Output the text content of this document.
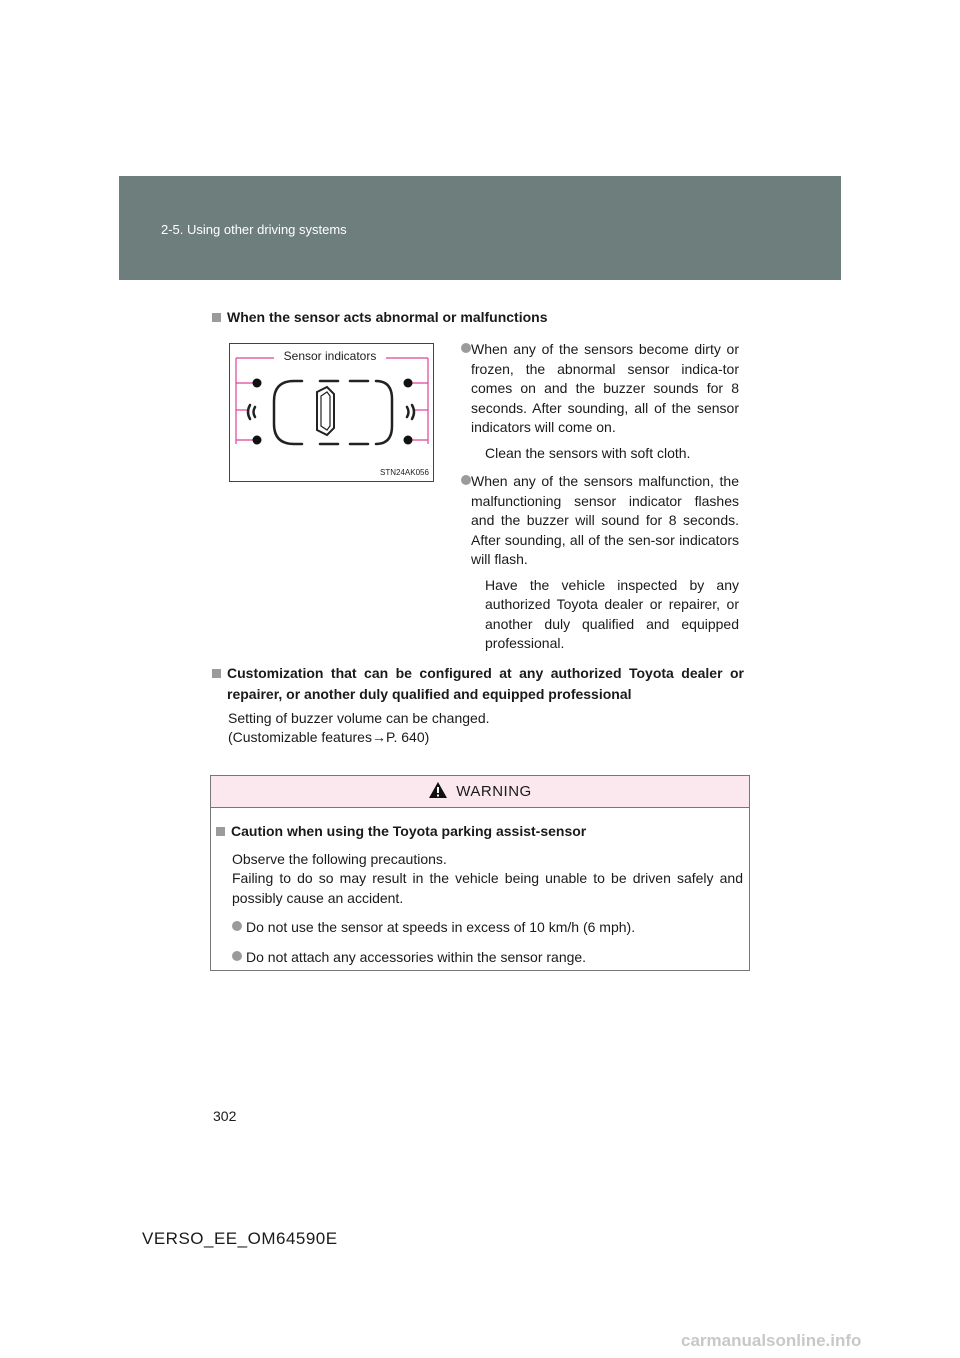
2-5. Using other driving systems
When the sensor acts abnormal or malfunctions
Sensor indicators
STN24AK056
When any of the sensors become dirty or frozen, the abnormal sensor indica-tor comes on and the buzzer sounds for 8 seconds. After sounding, all of the sensor indicators will come on.
Clean the sensors with soft cloth.
When any of the sensors malfunction, the malfunctioning sensor indicator flashes and the buzzer will sound for 8 seconds. After sounding, all of the sen-sor indicators will flash.
Have the vehicle inspected by any authorized Toyota dealer or repairer, or another duly qualified and equipped professional.
Customization that can be configured at any authorized Toyota dealer or repairer, or another duly qualified and equipped professional
Setting of buzzer volume can be changed.
(Customizable features→P. 640)
WARNING
Caution when using the Toyota parking assist-sensor
Observe the following precautions.
Failing to do so may result in the vehicle being unable to be driven safely and possibly cause an accident.
Do not use the sensor at speeds in excess of 10 km/h (6 mph).
Do not attach any accessories within the sensor range.
302
VERSO_EE_OM64590E
carmanualsonline.info
